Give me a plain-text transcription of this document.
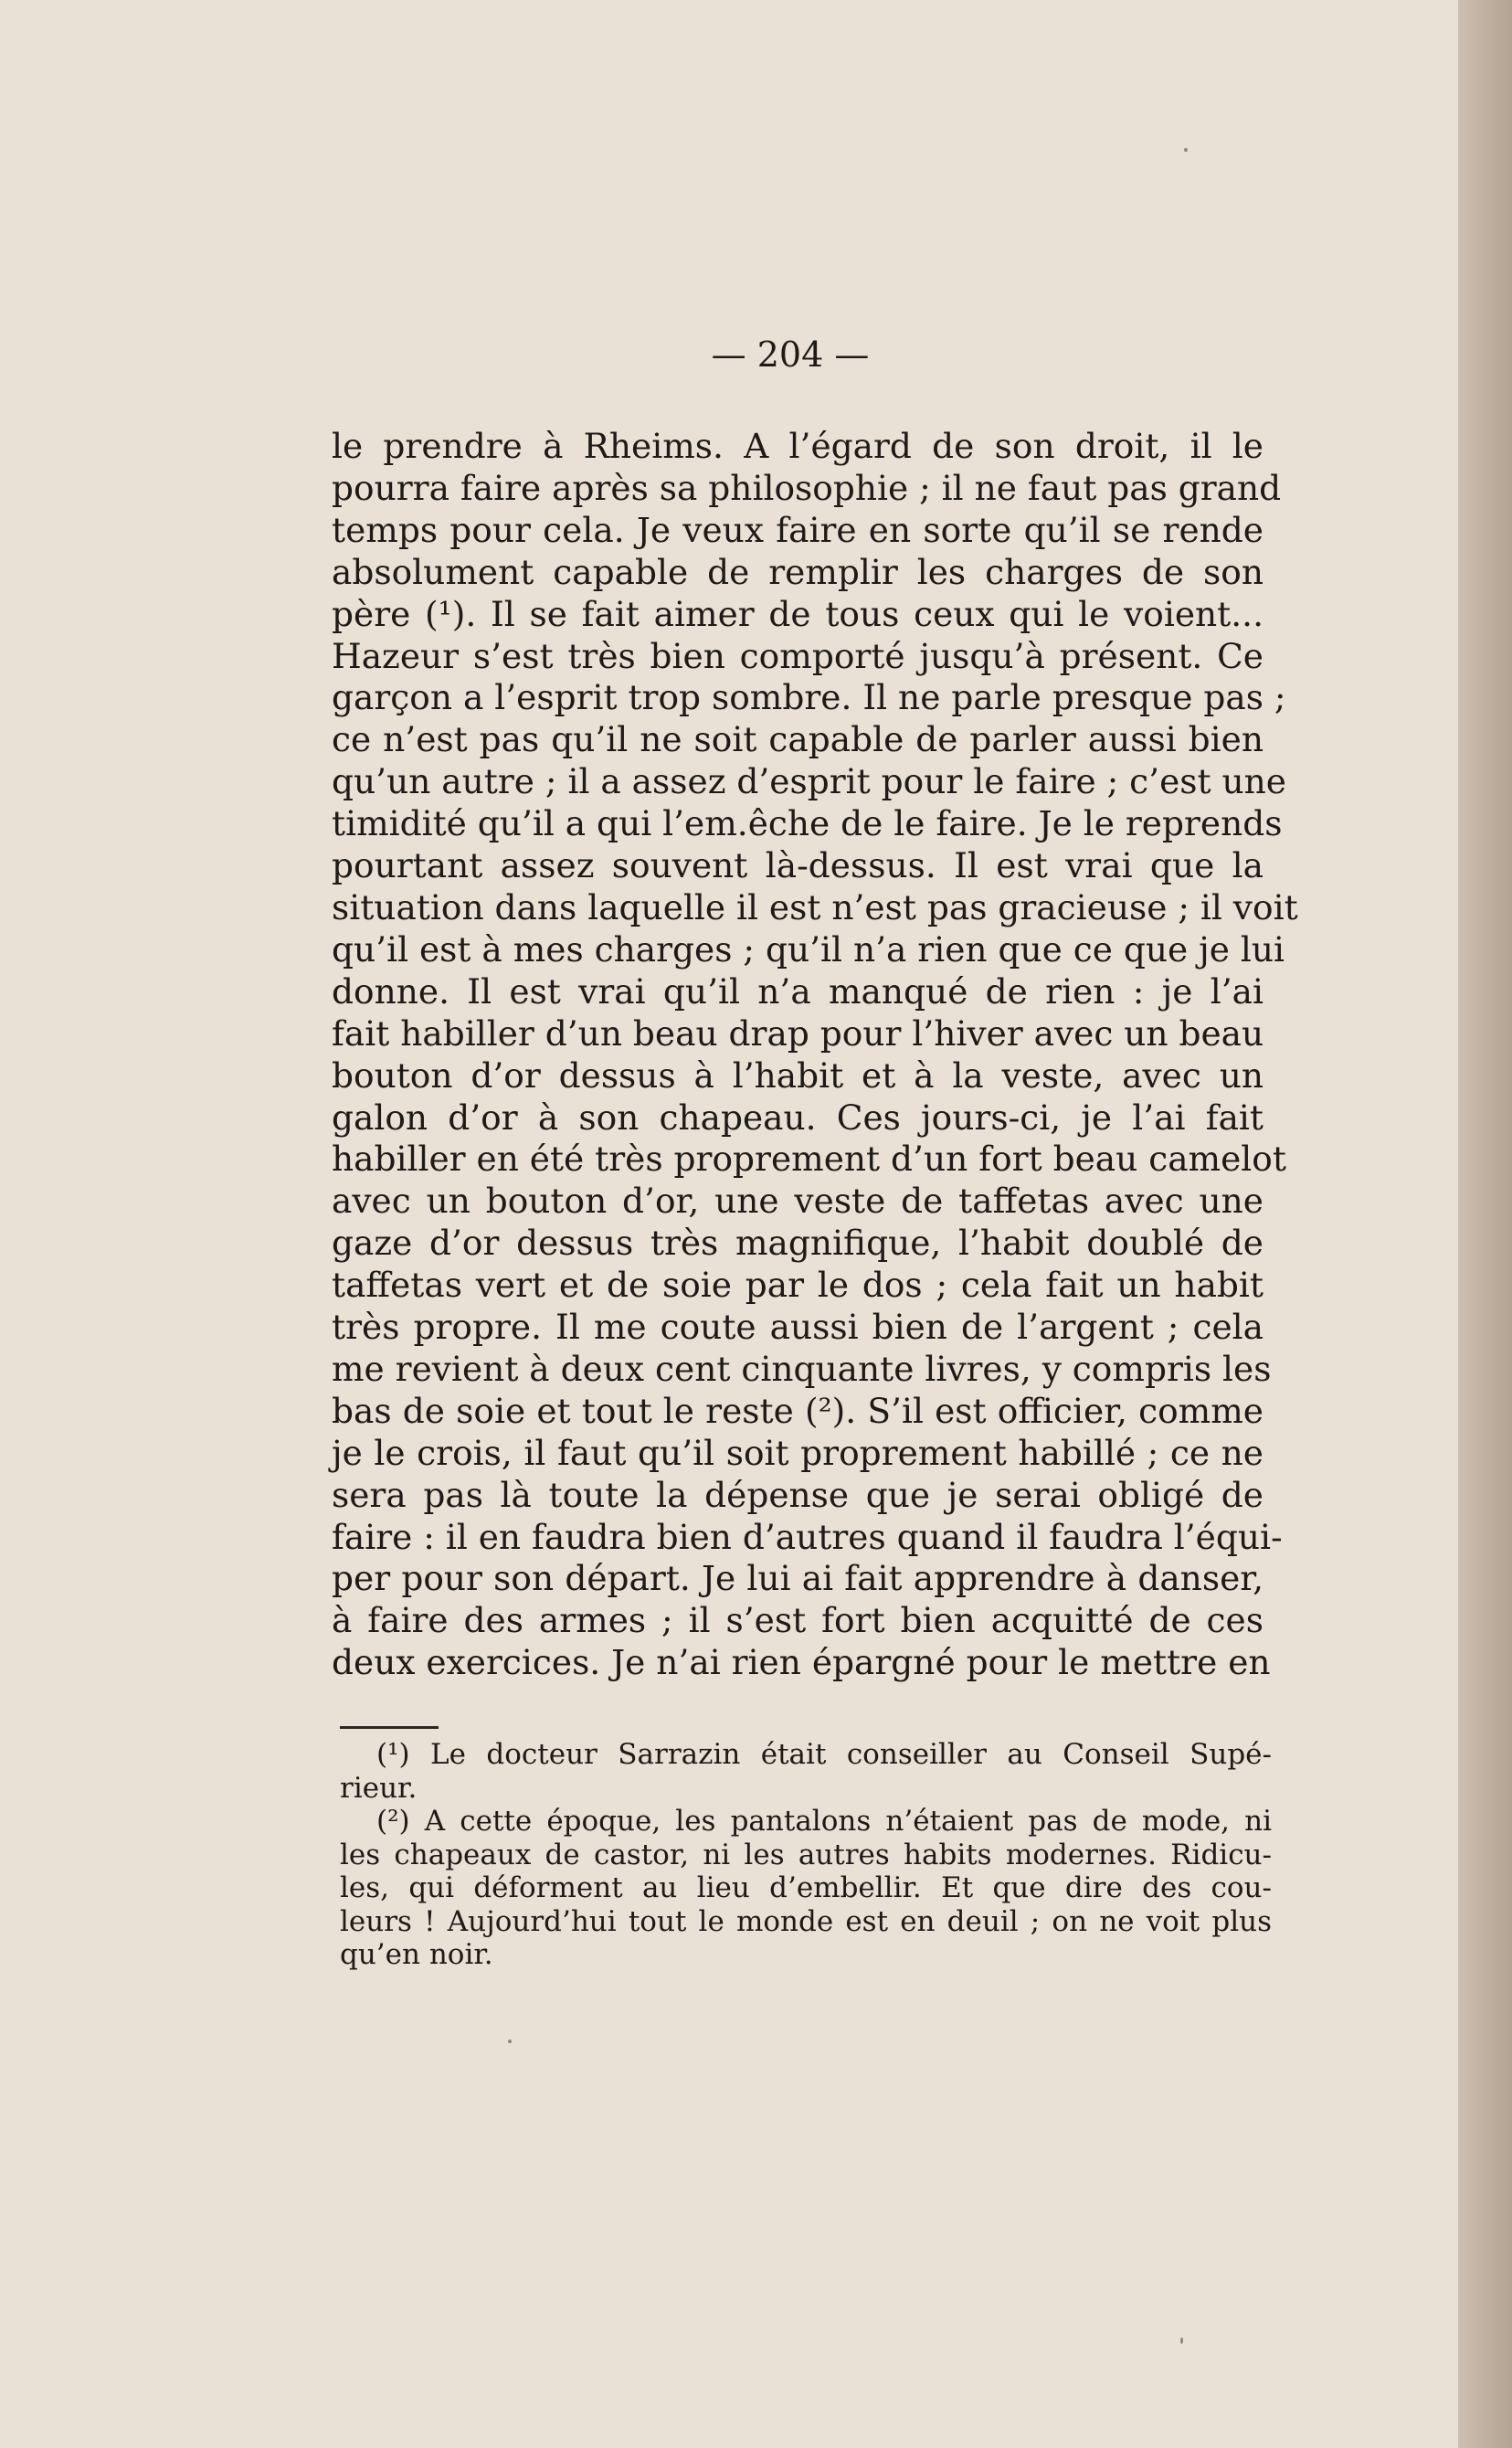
— 204 —
le prendre à Rheims. A l’égard de son droit, il le
pourra faire après sa philosophie ; il ne faut pas grand
temps pour cela. Je veux faire en sorte qu’il se rende
absolument capable de remplir les charges de son
père (¹). Il se fait aimer de tous ceux qui le voient...
Hazeur s’est très bien comporté jusqu’à présent. Ce
garçon a l’esprit trop sombre. Il ne parle presque pas ;
ce n’est pas qu’il ne soit capable de parler aussi bien
qu’un autre ; il a assez d’esprit pour le faire ; c’est une
timidité qu’il a qui l’em.êche de le faire. Je le reprends
pourtant assez souvent là-dessus. Il est vrai que la
situation dans laquelle il est n’est pas gracieuse ; il voit
qu’il est à mes charges ; qu’il n’a rien que ce que je lui
donne. Il est vrai qu’il n’a manqué de rien : je l’ai
fait habiller d’un beau drap pour l’hiver avec un beau
bouton d’or dessus à l’habit et à la veste, avec un
galon d’or à son chapeau. Ces jours-ci, je l’ai fait
habiller en été très proprement d’un fort beau camelot
avec un bouton d’or, une veste de taffetas avec une
gaze d’or dessus très magnifique, l’habit doublé de
taffetas vert et de soie par le dos ; cela fait un habit
très propre. Il me coute aussi bien de l’argent ; cela
me revient à deux cent cinquante livres, y compris les
bas de soie et tout le reste (²). S’il est officier, comme
je le crois, il faut qu’il soit proprement habillé ; ce ne
sera pas là toute la dépense que je serai obligé de
faire : il en faudra bien d’autres quand il faudra l’équi-
per pour son départ. Je lui ai fait apprendre à danser,
à faire des armes ; il s’est fort bien acquitté de ces
deux exercices. Je n’ai rien épargné pour le mettre en
(¹) Le docteur Sarrazin était conseiller au Conseil Supé-
rieur.
(²) A cette époque, les pantalons n’étaient pas de mode, ni
les chapeaux de castor, ni les autres habits modernes. Ridicu-
les, qui déforment au lieu d’embellir. Et que dire des cou-
leurs ! Aujourd’hui tout le monde est en deuil ; on ne voit plus
qu’en noir.
